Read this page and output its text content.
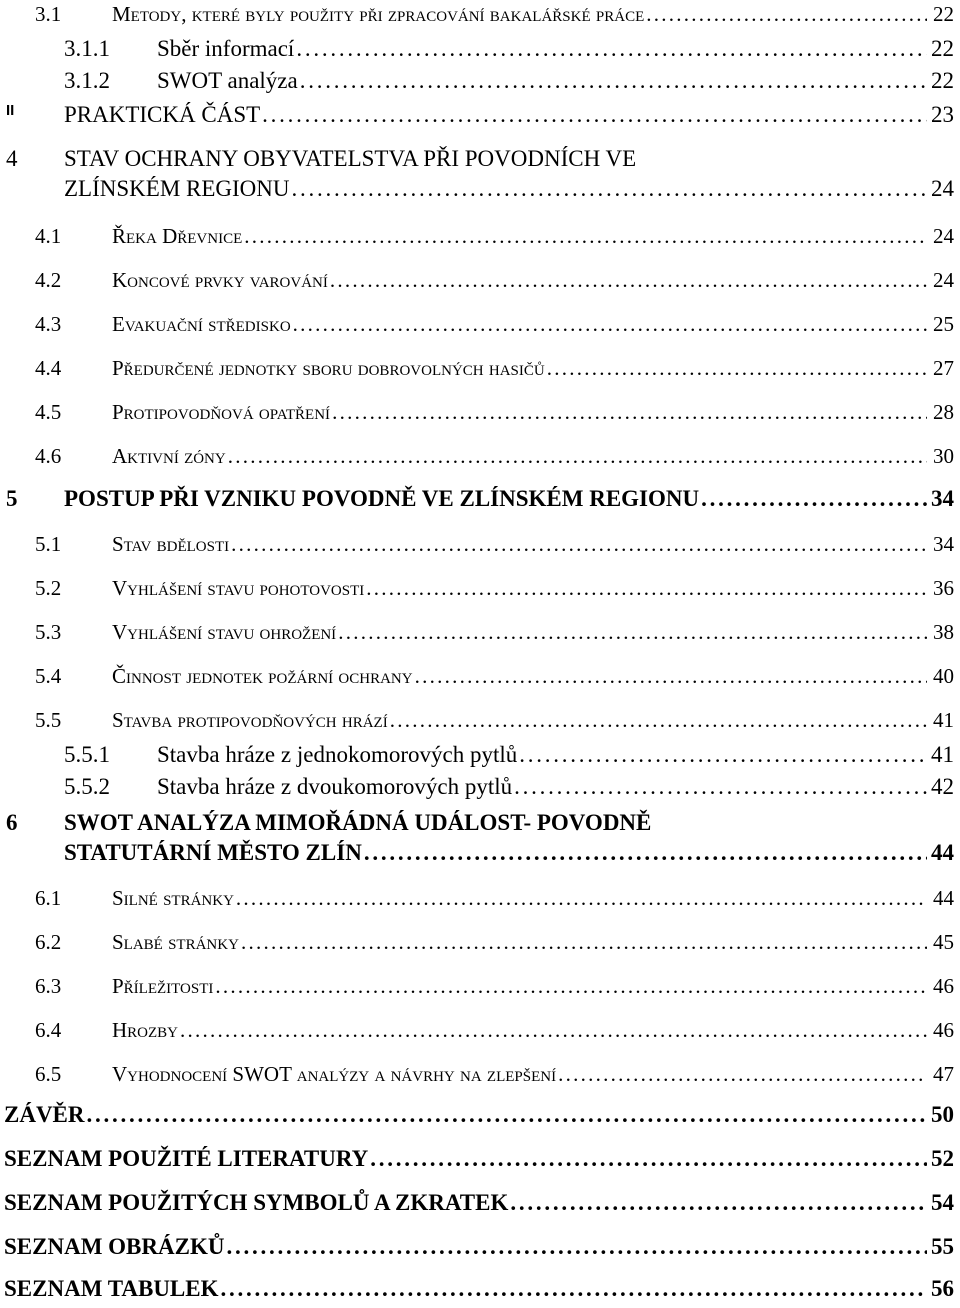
3.1 Metody, které byly použity při zpracování bakalářské práce . . .	22
3.1.1 Sběr informací . . .	22
3.1.2 SWOT analýza . . .	22
II PRAKTICKÁ ČÁST . . .	23
4 STAV OCHRANY OBYVATELSTVA PŘI POVODNÍCH VE
ZLÍNSKÉM REGIONU . . .	24
4.1 Řeka Dřevnice . . .	24
4.2 Koncové prvky varování . . .	24
4.3 Evakuační středisko . . .	25
4.4 Předurčené jednotky sboru dobrovolných hasičů . . .	27
4.5 Protipovodňová opatření . . .	28
4.6 Aktivní zóny . . .	30
5 POSTUP PŘI VZNIKU POVODNĚ VE ZLÍNSKÉM REGIONU . . .	34
5.1 Stav bdělosti . . .	34
5.2 Vyhlášení stavu pohotovosti . . .	36
5.3 Vyhlášení stavu ohrožení . . .	38
5.4 Činnost jednotek požární ochrany . . .	40
5.5 Stavba protipovodňových hrází . . .	41
5.5.1 Stavba hráze z jednokomorových pytlů . . .	41
5.5.2 Stavba hráze z dvoukomorových pytlů . . .	42
6 SWOT ANALÝZA MIMOŘÁDNÁ UDÁLOST- POVODNĚ
STATUTÁRNÍ MĚSTO ZLÍN . . .	44
6.1 Silné stránky . . .	44
6.2 Slabé stránky . . .	45
6.3 Příležitosti . . .	46
6.4 Hrozby . . .	46
6.5 Vyhodnocení SWOT analýzy a návrhy na zlepšení . . .	47
ZÁVĚR . . .	50
SEZNAM POUŽITÉ LITERATURY . . .	52
SEZNAM POUŽITÝCH SYMBOLŮ A ZKRATEK . . .	54
SEZNAM OBRÁZKŮ . . .	55
SEZNAM TABULEK . . .	56
